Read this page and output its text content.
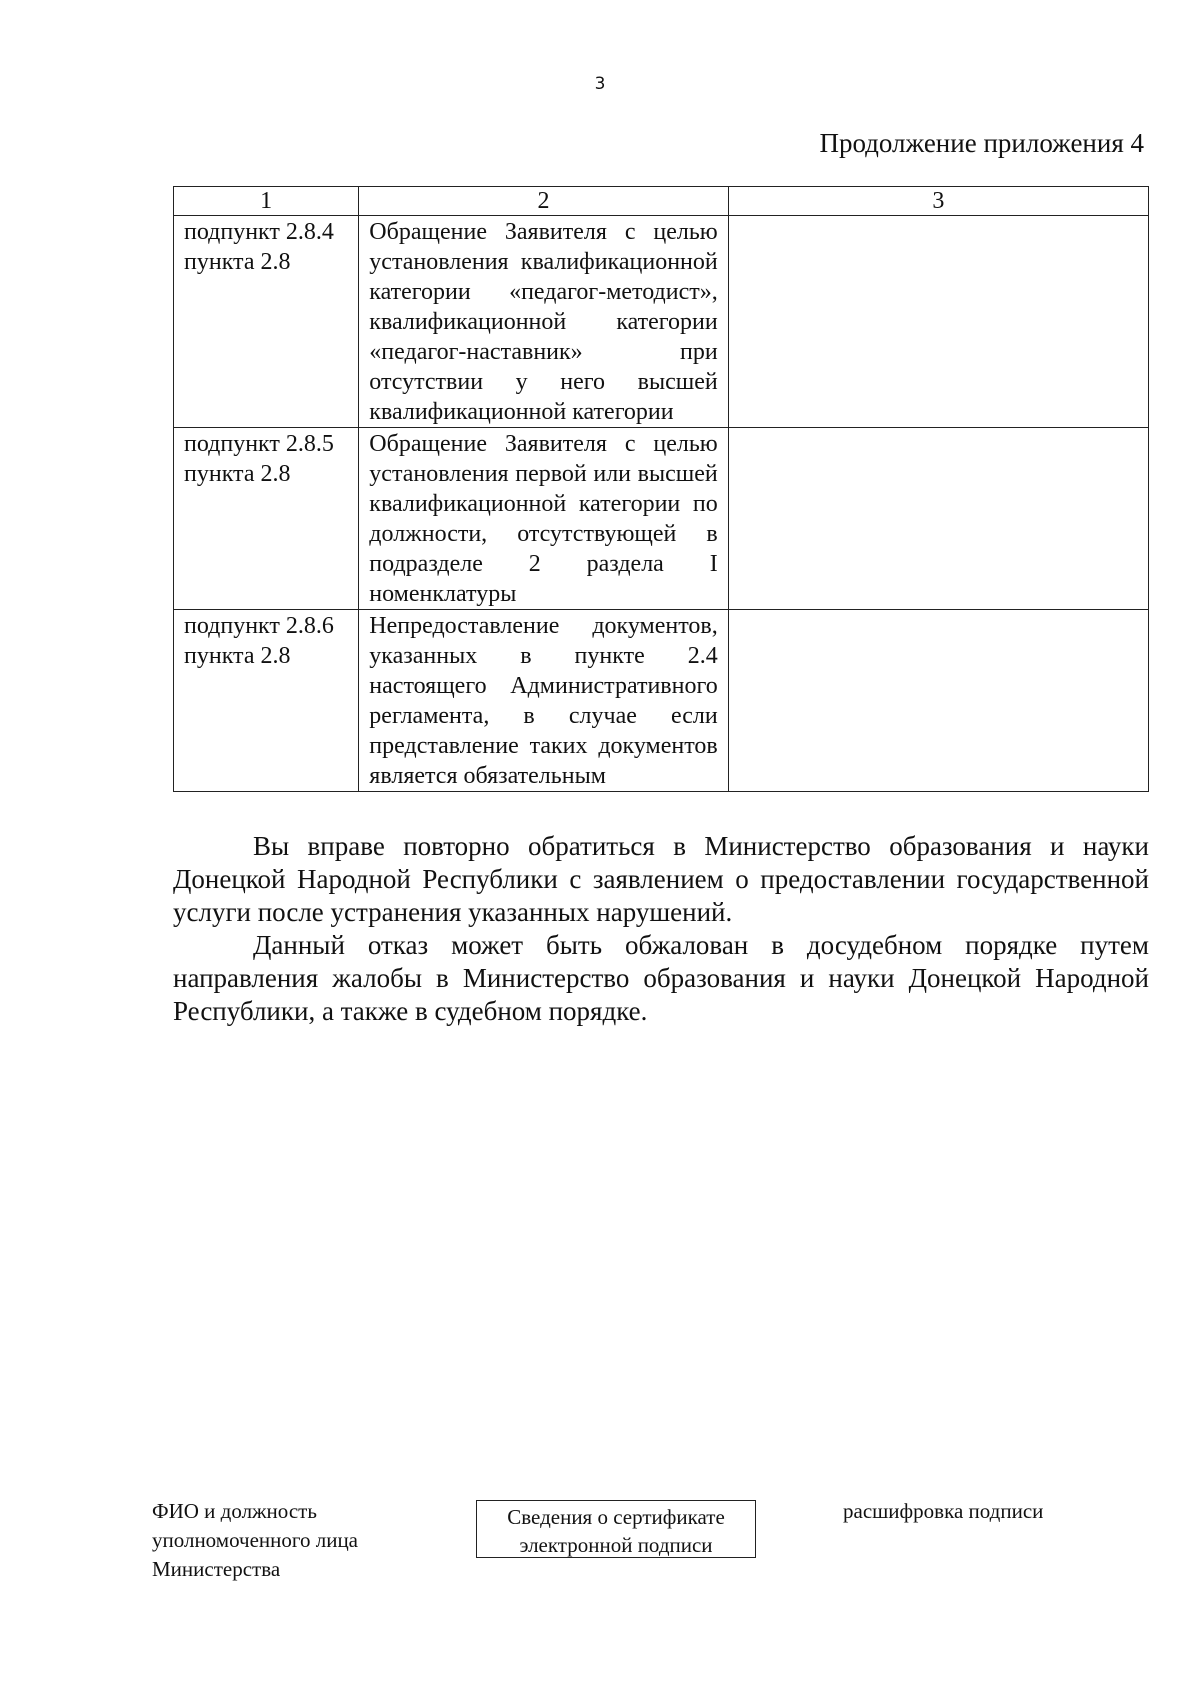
3
Продолжение приложения 4
1	2	3

подпункт 2.8.4
пункта 2.8	Обращение Заявителя с целью установления квалификационной категории «педагог-методист», квалификационной категории «педагог-наставник» при отсутствии у него высшей квалификационной категории	

подпункт 2.8.5
пункта 2.8	Обращение Заявителя с целью установления первой или высшей квалификационной категории по должности, отсутствующей в подразделе 2 раздела I номенклатуры	

подпункт 2.8.6
пункта 2.8	Непредоставление документов, указанных в пункте 2.4 настоящего Административного регламента, в случае если представление таких документов является обязательным	

Вы вправе повторно обратиться в Министерство образования и науки Донецкой Народной Республики с заявлением о предоставлении государственной услуги после устранения указанных нарушений.

Данный отказ может быть обжалован в досудебном порядке путем направления жалобы в Министерство образования и науки Донецкой Народной Республики, а также в судебном порядке.

ФИО и должность
уполномоченного лица
Министерства
Сведения о сертификате
электронной подписи
расшифровка подписи
